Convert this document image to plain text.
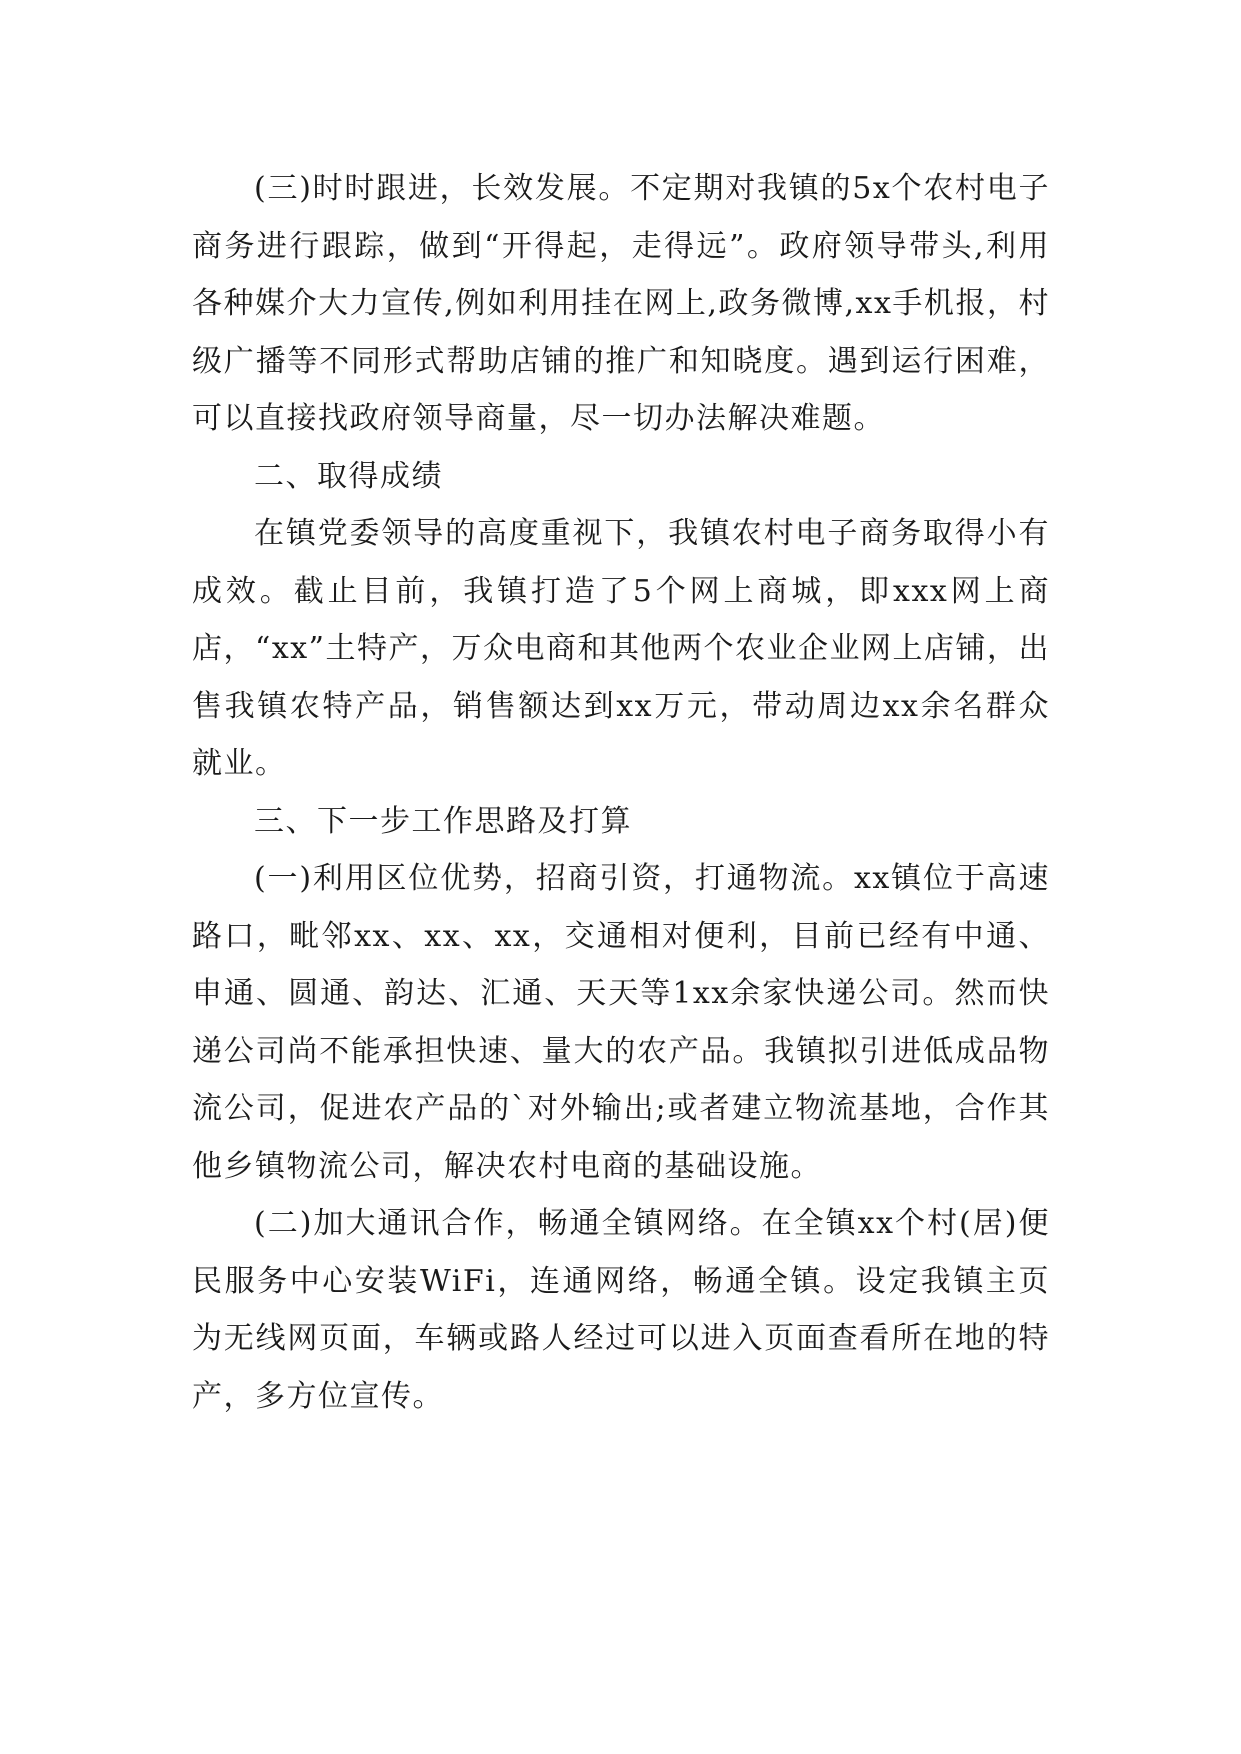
(三)时时跟进，长效发展。不定期对我镇的5x个农村电子商务进行跟踪，做到“开得起，走得远”。政府领导带头,利用各种媒介大力宣传,例如利用挂在网上,政务微博,xx手机报，村级广播等不同形式帮助店铺的推广和知晓度。遇到运行困难，可以直接找政府领导商量，尽一切办法解决难题。

二、取得成绩

在镇党委领导的高度重视下，我镇农村电子商务取得小有成效。截止目前，我镇打造了5个网上商城，即xxx网上商店，“xx”土特产，万众电商和其他两个农业企业网上店铺，出售我镇农特产品，销售额达到xx万元，带动周边xx余名群众就业。

三、下一步工作思路及打算

(一)利用区位优势，招商引资，打通物流。xx镇位于高速路口，毗邻xx、xx、xx，交通相对便利，目前已经有中通、申通、圆通、韵达、汇通、天天等1xx余家快递公司。然而快递公司尚不能承担快速、量大的农产品。我镇拟引进低成品物流公司，促进农产品的`对外输出;或者建立物流基地，合作其他乡镇物流公司，解决农村电商的基础设施。

(二)加大通讯合作，畅通全镇网络。在全镇xx个村(居)便民服务中心安装WiFi，连通网络，畅通全镇。设定我镇主页为无线网页面，车辆或路人经过可以进入页面查看所在地的特产，多方位宣传。
